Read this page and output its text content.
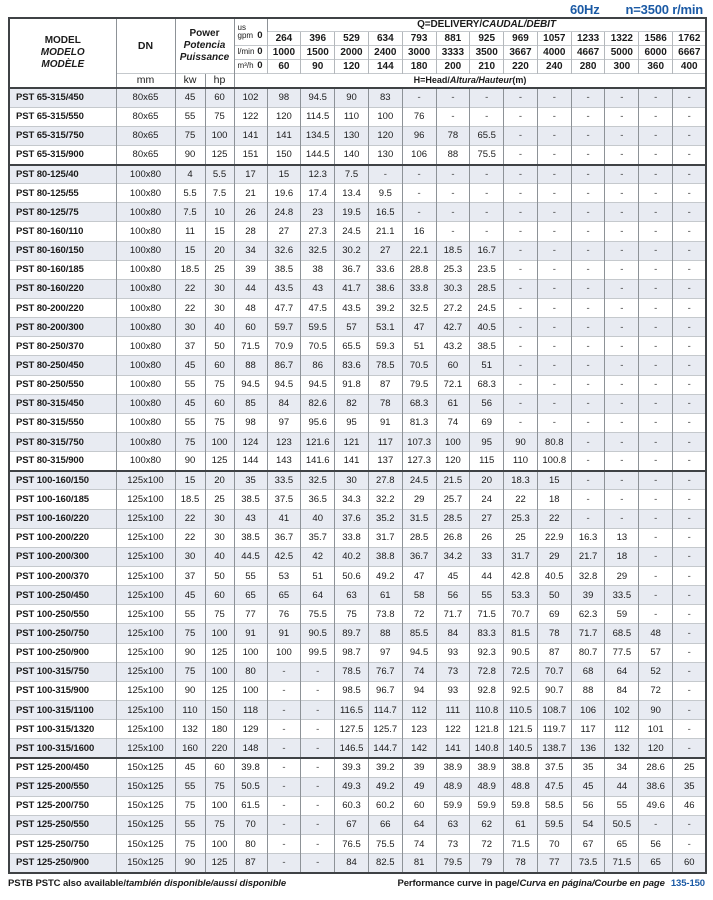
60Hz n=3500 r/min
MODEL
MODELO
MODÈLE
	DN	
Power
Potencia
Puissance
	us
gpm 0
	Q=DELIVERY/CAUDAL/DÉBIT
					264	396	529	634	793	881	925	969	1057	1233	1322	1586	1762
				l/min 0	1000	1500	2000	2400	3000	3333	3500	3667	4000	4667	5000	6000	6667
				m³/h 0	60	90	120	144	180	200	210	220	240	280	300	360	400
	mm	kw	hp	H=Head/Altura/Hauteur(m)													
PST 65-315/450	80x65	45	60	102	98	94.5	90	83	-	-	-	-	-	-	-	-	-
PST 65-315/550	80x65	55	75	122	120	114.5	110	100	76	-	-	-	-	-	-	-	-
PST 65-315/750	80x65	75	100	141	141	134.5	130	120	96	78	65.5	-	-	-	-	-	-
PST 65-315/900	80x65	90	125	151	150	144.5	140	130	106	88	75.5	-	-	-	-	-	-
PST 80-125/40	100x80	4	5.5	17	15	12.3	7.5	-	-	-	-	-	-	-	-	-	-
PST 80-125/55	100x80	5.5	7.5	21	19.6	17.4	13.4	9.5	-	-	-	-	-	-	-	-	-
PST 80-125/75	100x80	7.5	10	26	24.8	23	19.5	16.5	-	-	-	-	-	-	-	-	-
PST 80-160/110	100x80	11	15	28	27	27.3	24.5	21.1	16	-	-	-	-	-	-	-	-
PST 80-160/150	100x80	15	20	34	32.6	32.5	30.2	27	22.1	18.5	16.7	-	-	-	-	-	-
PST 80-160/185	100x80	18.5	25	39	38.5	38	36.7	33.6	28.8	25.3	23.5	-	-	-	-	-	-
PST 80-160/220	100x80	22	30	44	43.5	43	41.7	38.6	33.8	30.3	28.5	-	-	-	-	-	-
PST 80-200/220	100x80	22	30	48	47.7	47.5	43.5	39.2	32.5	27.2	24.5	-	-	-	-	-	-
PST 80-200/300	100x80	30	40	60	59.7	59.5	57	53.1	47	42.7	40.5	-	-	-	-	-	-
PST 80-250/370	100x80	37	50	71.5	70.9	70.5	65.5	59.3	51	43.2	38.5	-	-	-	-	-	-
PST 80-250/450	100x80	45	60	88	86.7	86	83.6	78.5	70.5	60	51	-	-	-	-	-	-
PST 80-250/550	100x80	55	75	94.5	94.5	94.5	91.8	87	79.5	72.1	68.3	-	-	-	-	-	-
PST 80-315/450	100x80	45	60	85	84	82.6	82	78	68.3	61	56	-	-	-	-	-	-
PST 80-315/550	100x80	55	75	98	97	95.6	95	91	81.3	74	69	-	-	-	-	-	-
PST 80-315/750	100x80	75	100	124	123	121.6	121	117	107.3	100	95	90	80.8	-	-	-	-
PST 80-315/900	100x80	90	125	144	143	141.6	141	137	127.3	120	115	110	100.8	-	-	-	-
PST 100-160/150	125x100	15	20	35	33.5	32.5	30	27.8	24.5	21.5	20	18.3	15	-	-	-	-
PST 100-160/185	125x100	18.5	25	38.5	37.5	36.5	34.3	32.2	29	25.7	24	22	18	-	-	-	-
PST 100-160/220	125x100	22	30	43	41	40	37.6	35.2	31.5	28.5	27	25.3	22	-	-	-	-
PST 100-200/220	125x100	22	30	38.5	36.7	35.7	33.8	31.7	28.5	26.8	26	25	22.9	16.3	13	-	-
PST 100-200/300	125x100	30	40	44.5	42.5	42	40.2	38.8	36.7	34.2	33	31.7	29	21.7	18	-	-
PST 100-200/370	125x100	37	50	55	53	51	50.6	49.2	47	45	44	42.8	40.5	32.8	29	-	-
PST 100-250/450	125x100	45	60	65	65	64	63	61	58	56	55	53.3	50	39	33.5	-	-
PST 100-250/550	125x100	55	75	77	76	75.5	75	73.8	72	71.7	71.5	70.7	69	62.3	59	-	-
PST 100-250/750	125x100	75	100	91	91	90.5	89.7	88	85.5	84	83.3	81.5	78	71.7	68.5	48	-
PST 100-250/900	125x100	90	125	100	100	99.5	98.7	97	94.5	93	92.3	90.5	87	80.7	77.5	57	-
PST 100-315/750	125x100	75	100	80	-	-	78.5	76.7	74	73	72.8	72.5	70.7	68	64	52	-
PST 100-315/900	125x100	90	125	100	-	-	98.5	96.7	94	93	92.8	92.5	90.7	88	84	72	-
PST 100-315/1100	125x100	110	150	118	-	-	116.5	114.7	112	111	110.8	110.5	108.7	106	102	90	-
PST 100-315/1320	125x100	132	180	129	-	-	127.5	125.7	123	122	121.8	121.5	119.7	117	112	101	-
PST 100-315/1600	125x100	160	220	148	-	-	146.5	144.7	142	141	140.8	140.5	138.7	136	132	120	-
PST 125-200/450	150x125	45	60	39.8	-	-	39.3	39.2	39	38.9	38.9	38.8	37.5	35	34	28.6	25
PST 125-200/550	150x125	55	75	50.5	-	-	49.3	49.2	49	48.9	48.9	48.8	47.5	45	44	38.6	35
PST 125-200/750	150x125	75	100	61.5	-	-	60.3	60.2	60	59.9	59.9	59.8	58.5	56	55	49.6	46
PST 125-250/550	150x125	55	75	70	-	-	67	66	64	63	62	61	59.5	54	50.5	-	-
PST 125-250/750	150x125	75	100	80	-	-	76.5	75.5	74	73	72	71.5	70	67	65	56	-
PST 125-250/900	150x125	90	125	87	-	-	84	82.5	81	79.5	79	78	77	73.5	71.5	65	60
PSTB PSTC also available/también disponible/aussi disponible	Performance curve in page/Curva en página/Courbe en page 135-150
